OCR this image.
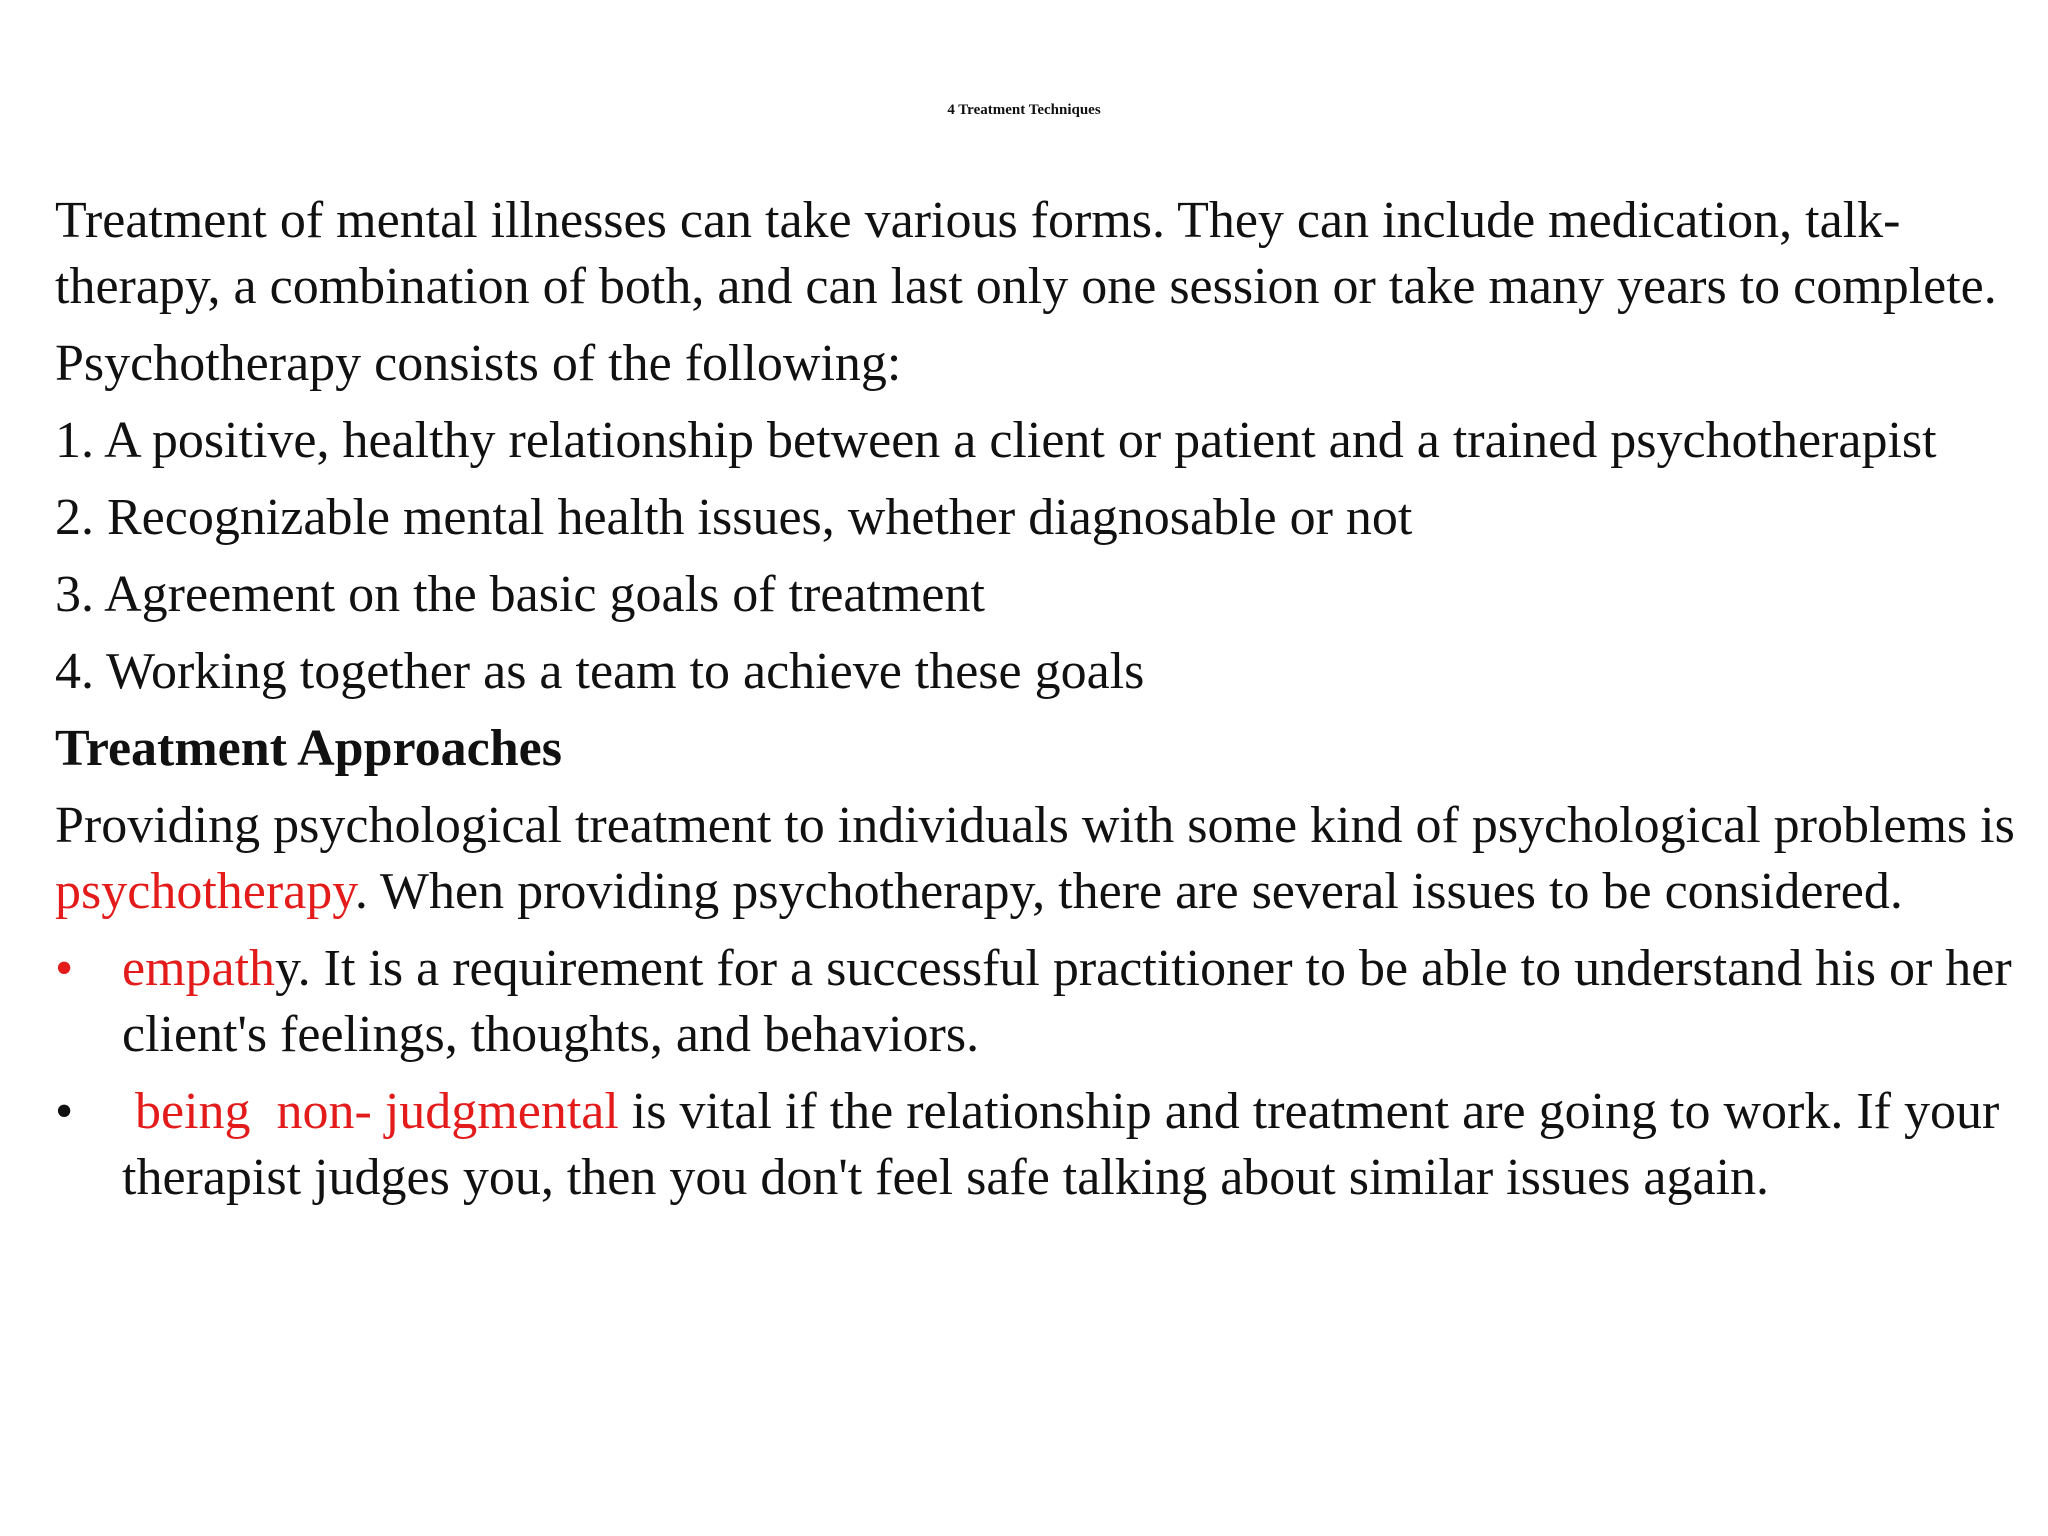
4 Treatment Techniques

Treatment of mental illnesses can take various forms. They can include medication, talk- therapy, a combination of both, and can last only one session or take many years to complete.

Psychotherapy consists of the following:

1. A positive, healthy relationship between a client or patient and a trained psychotherapist

2. Recognizable mental health issues, whether diagnosable or not

3. Agreement on the basic goals of treatment

4. Working together as a team to achieve these goals

Treatment Approaches

Providing psychological treatment to individuals with some kind of psychological problems is psychotherapy. When providing psychotherapy, there are several issues to be considered.

• empathy. It is a requirement for a successful practitioner to be able to understand his or her client's feelings, thoughts, and behaviors.
• being  non- judgmental is vital if the relationship and treatment are going to work. If your therapist judges you, then you don't feel safe talking about similar issues again.
